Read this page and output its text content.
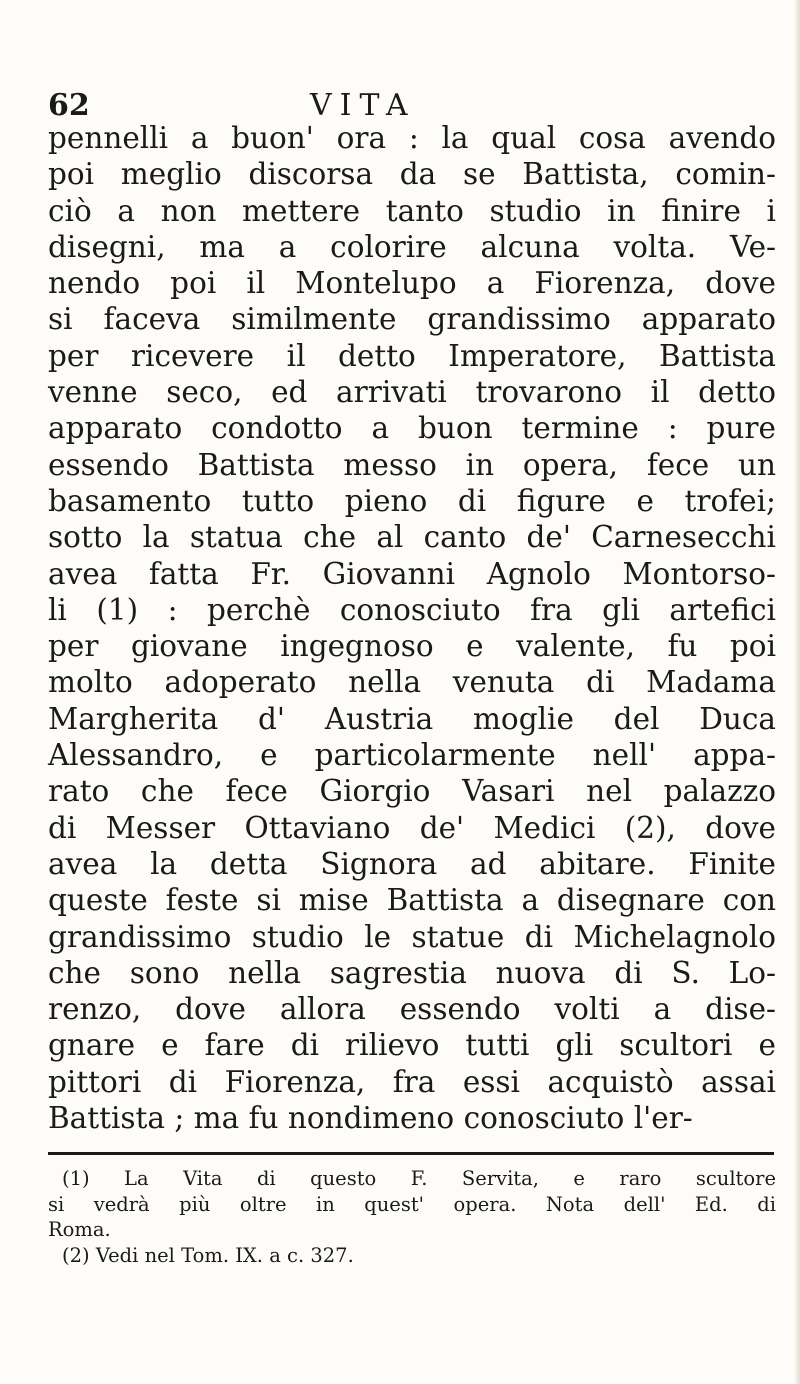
62	VITA
pennelli a buon' ora : la qual cosa avendo
poi meglio discorsa da se Battista, comin-
ciò a non mettere tanto studio in finire i
disegni, ma a colorire alcuna volta. Ve-
nendo poi il Montelupo a Fiorenza, dove
si faceva similmente grandissimo apparato
per ricevere il detto Imperatore, Battista
venne seco, ed arrivati trovarono il detto
apparato condotto a buon termine : pure
essendo Battista messo in opera, fece un
basamento tutto pieno di figure e trofei;
sotto la statua che al canto de' Carnesecchi
avea fatta Fr. Giovanni Agnolo Montorso-
li (1) : perchè conosciuto fra gli artefici
per giovane ingegnoso e valente, fu poi
molto adoperato nella venuta di Madama
Margherita d' Austria moglie del Duca
Alessandro, e particolarmente nell' appa-
rato che fece Giorgio Vasari nel palazzo
di Messer Ottaviano de' Medici (2), dove
avea la detta Signora ad abitare. Finite
queste feste si mise Battista a disegnare con
grandissimo studio le statue di Michelagnolo
che sono nella sagrestia nuova di S. Lo-
renzo, dove allora essendo volti a dise-
gnare e fare di rilievo tutti gli scultori e
pittori di Fiorenza, fra essi acquistò assai
Battista ; ma fu nondimeno conosciuto l'er-
(1) La Vita di questo F. Servita, e raro scultore
si vedrà più oltre in quest' opera. Nota dell' Ed. di
Roma.
(2) Vedi nel Tom. IX. a c. 327.
